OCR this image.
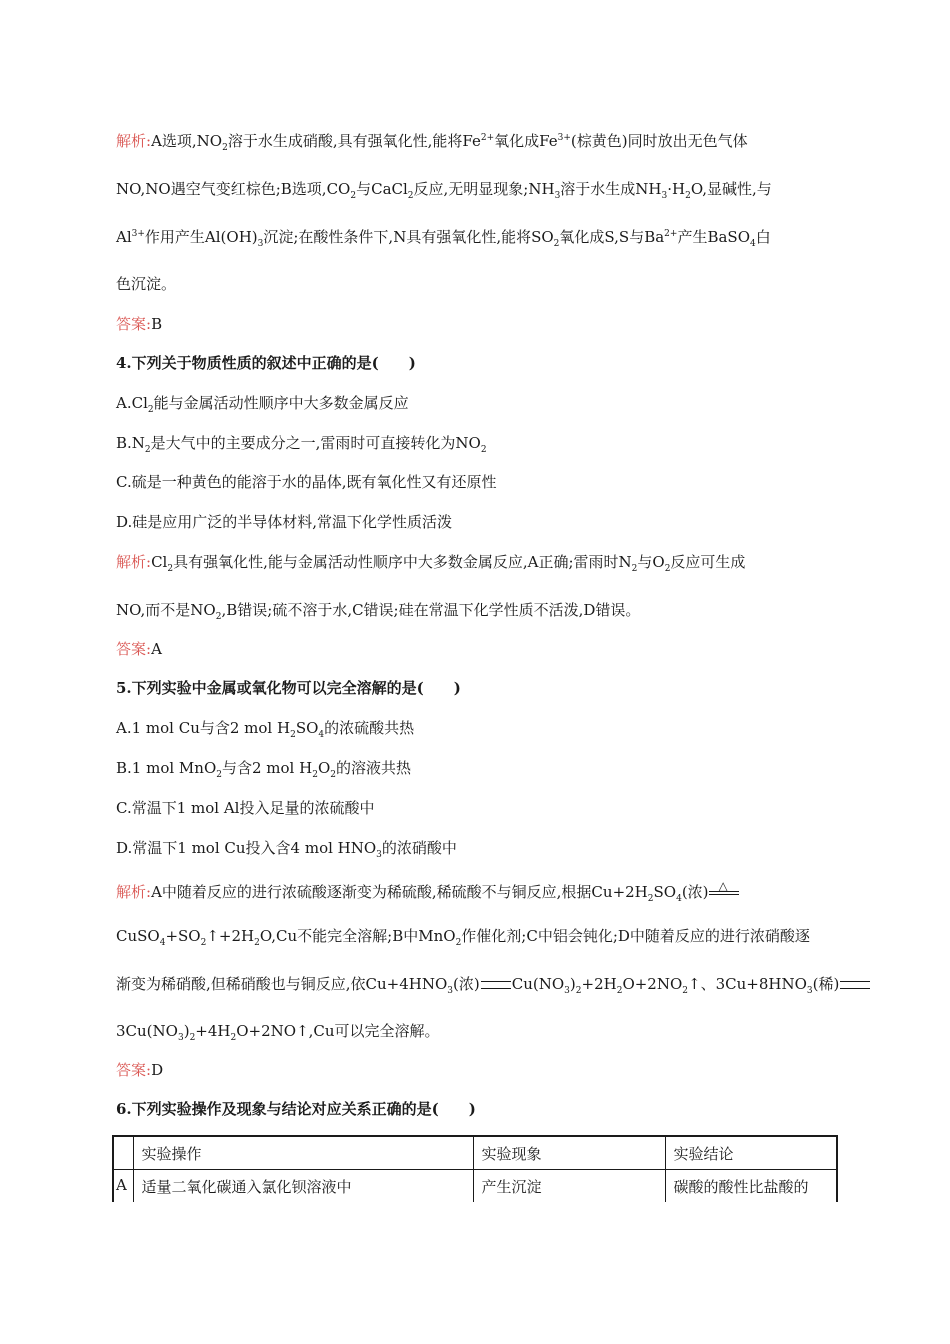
解析:A选项$,NO_2$溶于水生成硝酸,具有强氧化性,能将$Fe^{2+}$氧化成$Fe^{3+}$(棕黄色)同时放出无色气体
NO,NO遇空气变红棕色;B选项$,CO_2$与CaCl$_2$反应,无明显现象$;NH_3$溶于水生成$NH_3\cdot H_2O$,显碱性,与
$Al^{3+}$作用产生$Al(OH)_3$沉淀;在酸性条件下,N具有强氧化性,能将$SO_2$氧化成S,S与$Ba^{2+}$产生BaSO$_4$白
色沉淀。
答案:B
4.下列关于物质性质的叙述中正确的是(　　)
$A.Cl_2$能与金属活动性顺序中大多数金属反应
$B.N_2$是大气中的主要成分之一,雷雨时可直接转化为$NO_2$
C.硫是一种黄色的能溶于水的晶体,既有氧化性又有还原性
D.硅是应用广泛的半导体材料,常温下化学性质活泼
解析$:Cl_2$具有强氧化性,能与金属活动性顺序中大多数金属反应,A正确;雷雨时$N_2$与$O_2$反应可生成
NO,而不是$NO_2,B$错误;硫不溶于水,C错误;硅在常温下化学性质不活泼,D错误。
答案:A
5.下列实验中金属或氧化物可以完全溶解的是(　　)
A.1 mol Cu与含2 mol $H_2SO_4$的浓硫酸共热
B.1 mol MnO$_2$与含2 mol $H_2O_2$的溶液共热
C.常温下1 mol Al投入足量的浓硫酸中
D.常温下1 mol Cu投入含4 mol $HNO_3$的浓硝酸中
解析:A中随着反应的进行浓硫酸逐渐变为稀硫酸,稀硫酸不与铜反应,根据$Cu+2H_2SO_4$(浓) △
$CuSO_4+SO_2↑+2H_2O,Cu$不能完全溶解;B中MnO$_2$作催化剂;C中铝会钝化;D中随着反应的进行浓硝酸逐
渐变为稀硝酸,但稀硝酸也与铜反应,依$Cu+4HNO_3$(浓) $Cu(NO_3)_2+2H_2O+2NO_2↑$、$3Cu+8HNO_3$(稀)
$3Cu(NO_3)_2+4H_2O+2NO↑,Cu$可以完全溶解。
答案:D
6.下列实验操作及现象与结论对应关系正确的是(　　)
	实验操作	实验现象	实验结论
A	适量二氧化碳通入氯化钡溶液中	产生沉淀	碳酸的酸性比盐酸的
